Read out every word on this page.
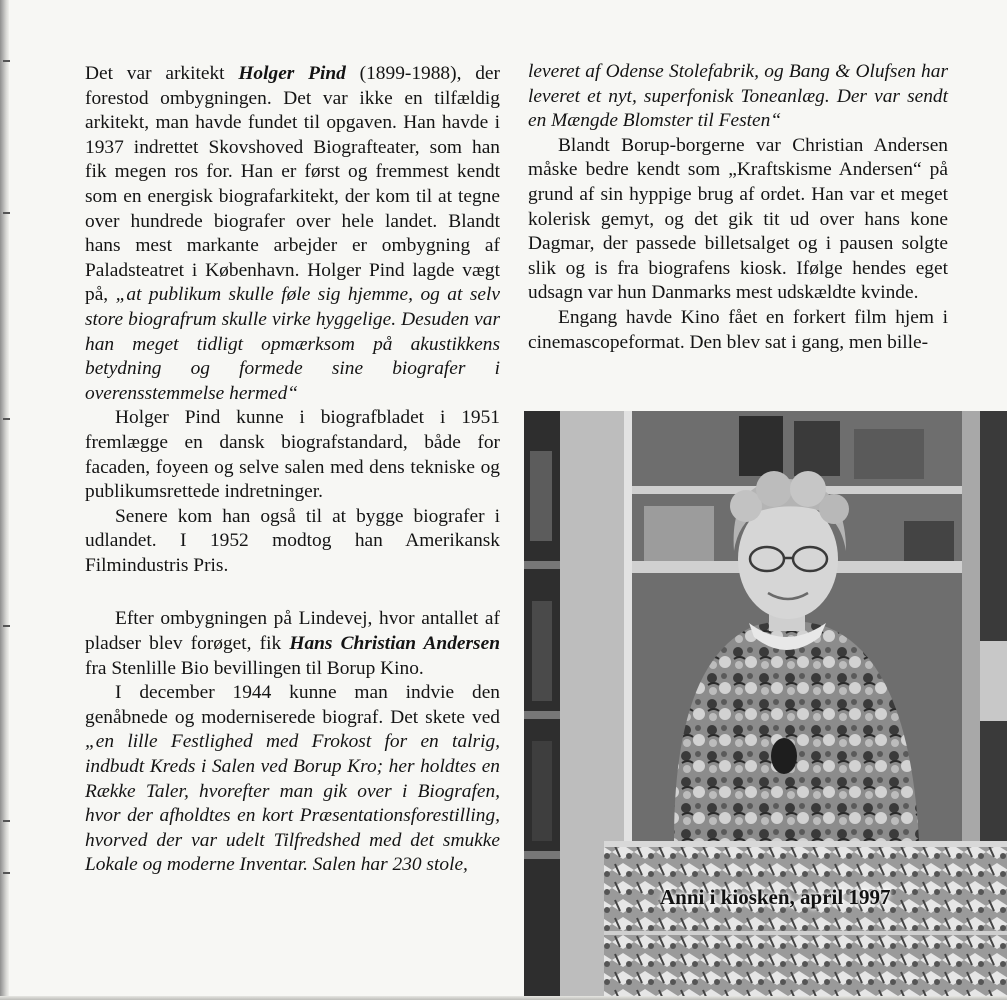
Det var arkitekt Holger Pind (1899-1988), der forestod ombygningen. Det var ikke en tilfældig arkitekt, man havde fundet til opgaven. Han havde i 1937 indrettet Skovshoved Biografteater, som han fik megen ros for. Han er først og fremmest kendt som en energisk biografarkitekt, der kom til at tegne over hundrede biografer over hele landet. Blandt hans mest markante arbejder er ombygning af Paladsteatret i København. Holger Pind lagde vægt på, „at publikum skulle føle sig hjemme, og at selv store biografrum skulle virke hyggelige. Desuden var han meget tidligt opmærksom på akustikkens betydning og formede sine biografer i overensstemmelse hermed“

Holger Pind kunne i biografbladet i 1951 fremlægge en dansk biografstandard, både for facaden, foyeen og selve salen med dens tekniske og publikumsrettede indretninger.

Senere kom han også til at bygge biografer i udlandet. I 1952 modtog han Amerikansk Filmindustris Pris.

Efter ombygningen på Lindevej, hvor antallet af pladser blev forøget, fik Hans Christian Andersen fra Stenlille Bio bevillingen til Borup Kino.

I december 1944 kunne man indvie den genåbnede og moderniserede biograf. Det skete ved „en lille Festlighed med Frokost for en talrig, indbudt Kreds i Salen ved Borup Kro; her holdtes en Række Taler, hvorefter man gik over i Biografen, hvor der afholdtes en kort Præsentationsforestilling, hvorved der var udelt Tilfredshed med det smukke Lokale og moderne Inventar. Salen har 230 stole,

leveret af Odense Stolefabrik, og Bang & Olufsen har leveret et nyt, superfonisk Toneanlæg. Der var sendt en Mængde Blomster til Festen“

Blandt Borup-borgerne var Christian Andersen måske bedre kendt som „Kraftskisme Andersen“ på grund af sin hyppige brug af ordet. Han var et meget kolerisk gemyt, og det gik tit ud over hans kone Dagmar, der passede billetsalget og i pausen solgte slik og is fra biografens kiosk. Ifølge hendes eget udsagn var hun Danmarks mest udskældte kvinde.

Engang havde Kino fået en forkert film hjem i cinemascopeformat. Den blev sat i gang, men bille-

Anni i kiosken, april 1997
